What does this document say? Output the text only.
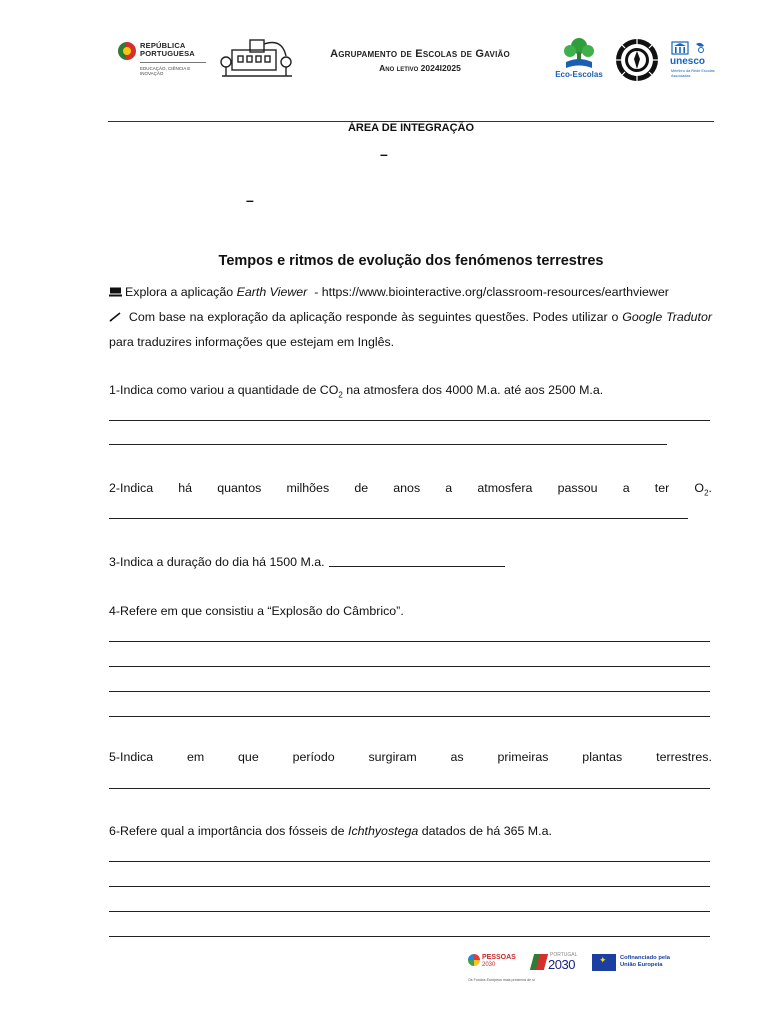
REPÚBLICA
PORTUGUESA
EDUCAÇÃO, CIÊNCIA E INOVAÇÃO
Agrupamento de Escolas de Gavião
Ano letivo 2024I2025
Eco-Escolas
unesco
Membro da Rede Escolas Associadas
ÁREA DE INTEGRAÇÃO
–
–
Tempos e ritmos de evolução dos fenómenos terrestres
Explora a aplicação Earth Viewer  - https://www.biointeractive.org/classroom-resources/earthviewer
Com base na exploração da aplicação responde às seguintes questões. Podes utilizar o Google Tradutor para traduzires informações que estejam em Inglês.
1-Indica como variou a quantidade de $CO_2$ na atmosfera dos 4000 M.a. até aos 2500 M.a.
2-Indica há quantos milhões de anos a atmosfera passou a ter $O_2$.
3-Indica a duração do dia há 1500 M.a.
4-Refere em que consistiu a “Explosão do Câmbrico”.
5-Indica	em	que	período	surgiram	as	primeiras	plantas	terrestres.
6-Refere qual a importância dos fósseis de Ichthyostega datados de há 365 M.a.
PESSOAS
2030
Os Fundos Europeus mais próximos de si
PORTUGAL
2030
✦	Cofinanciado pela
União Europeia
